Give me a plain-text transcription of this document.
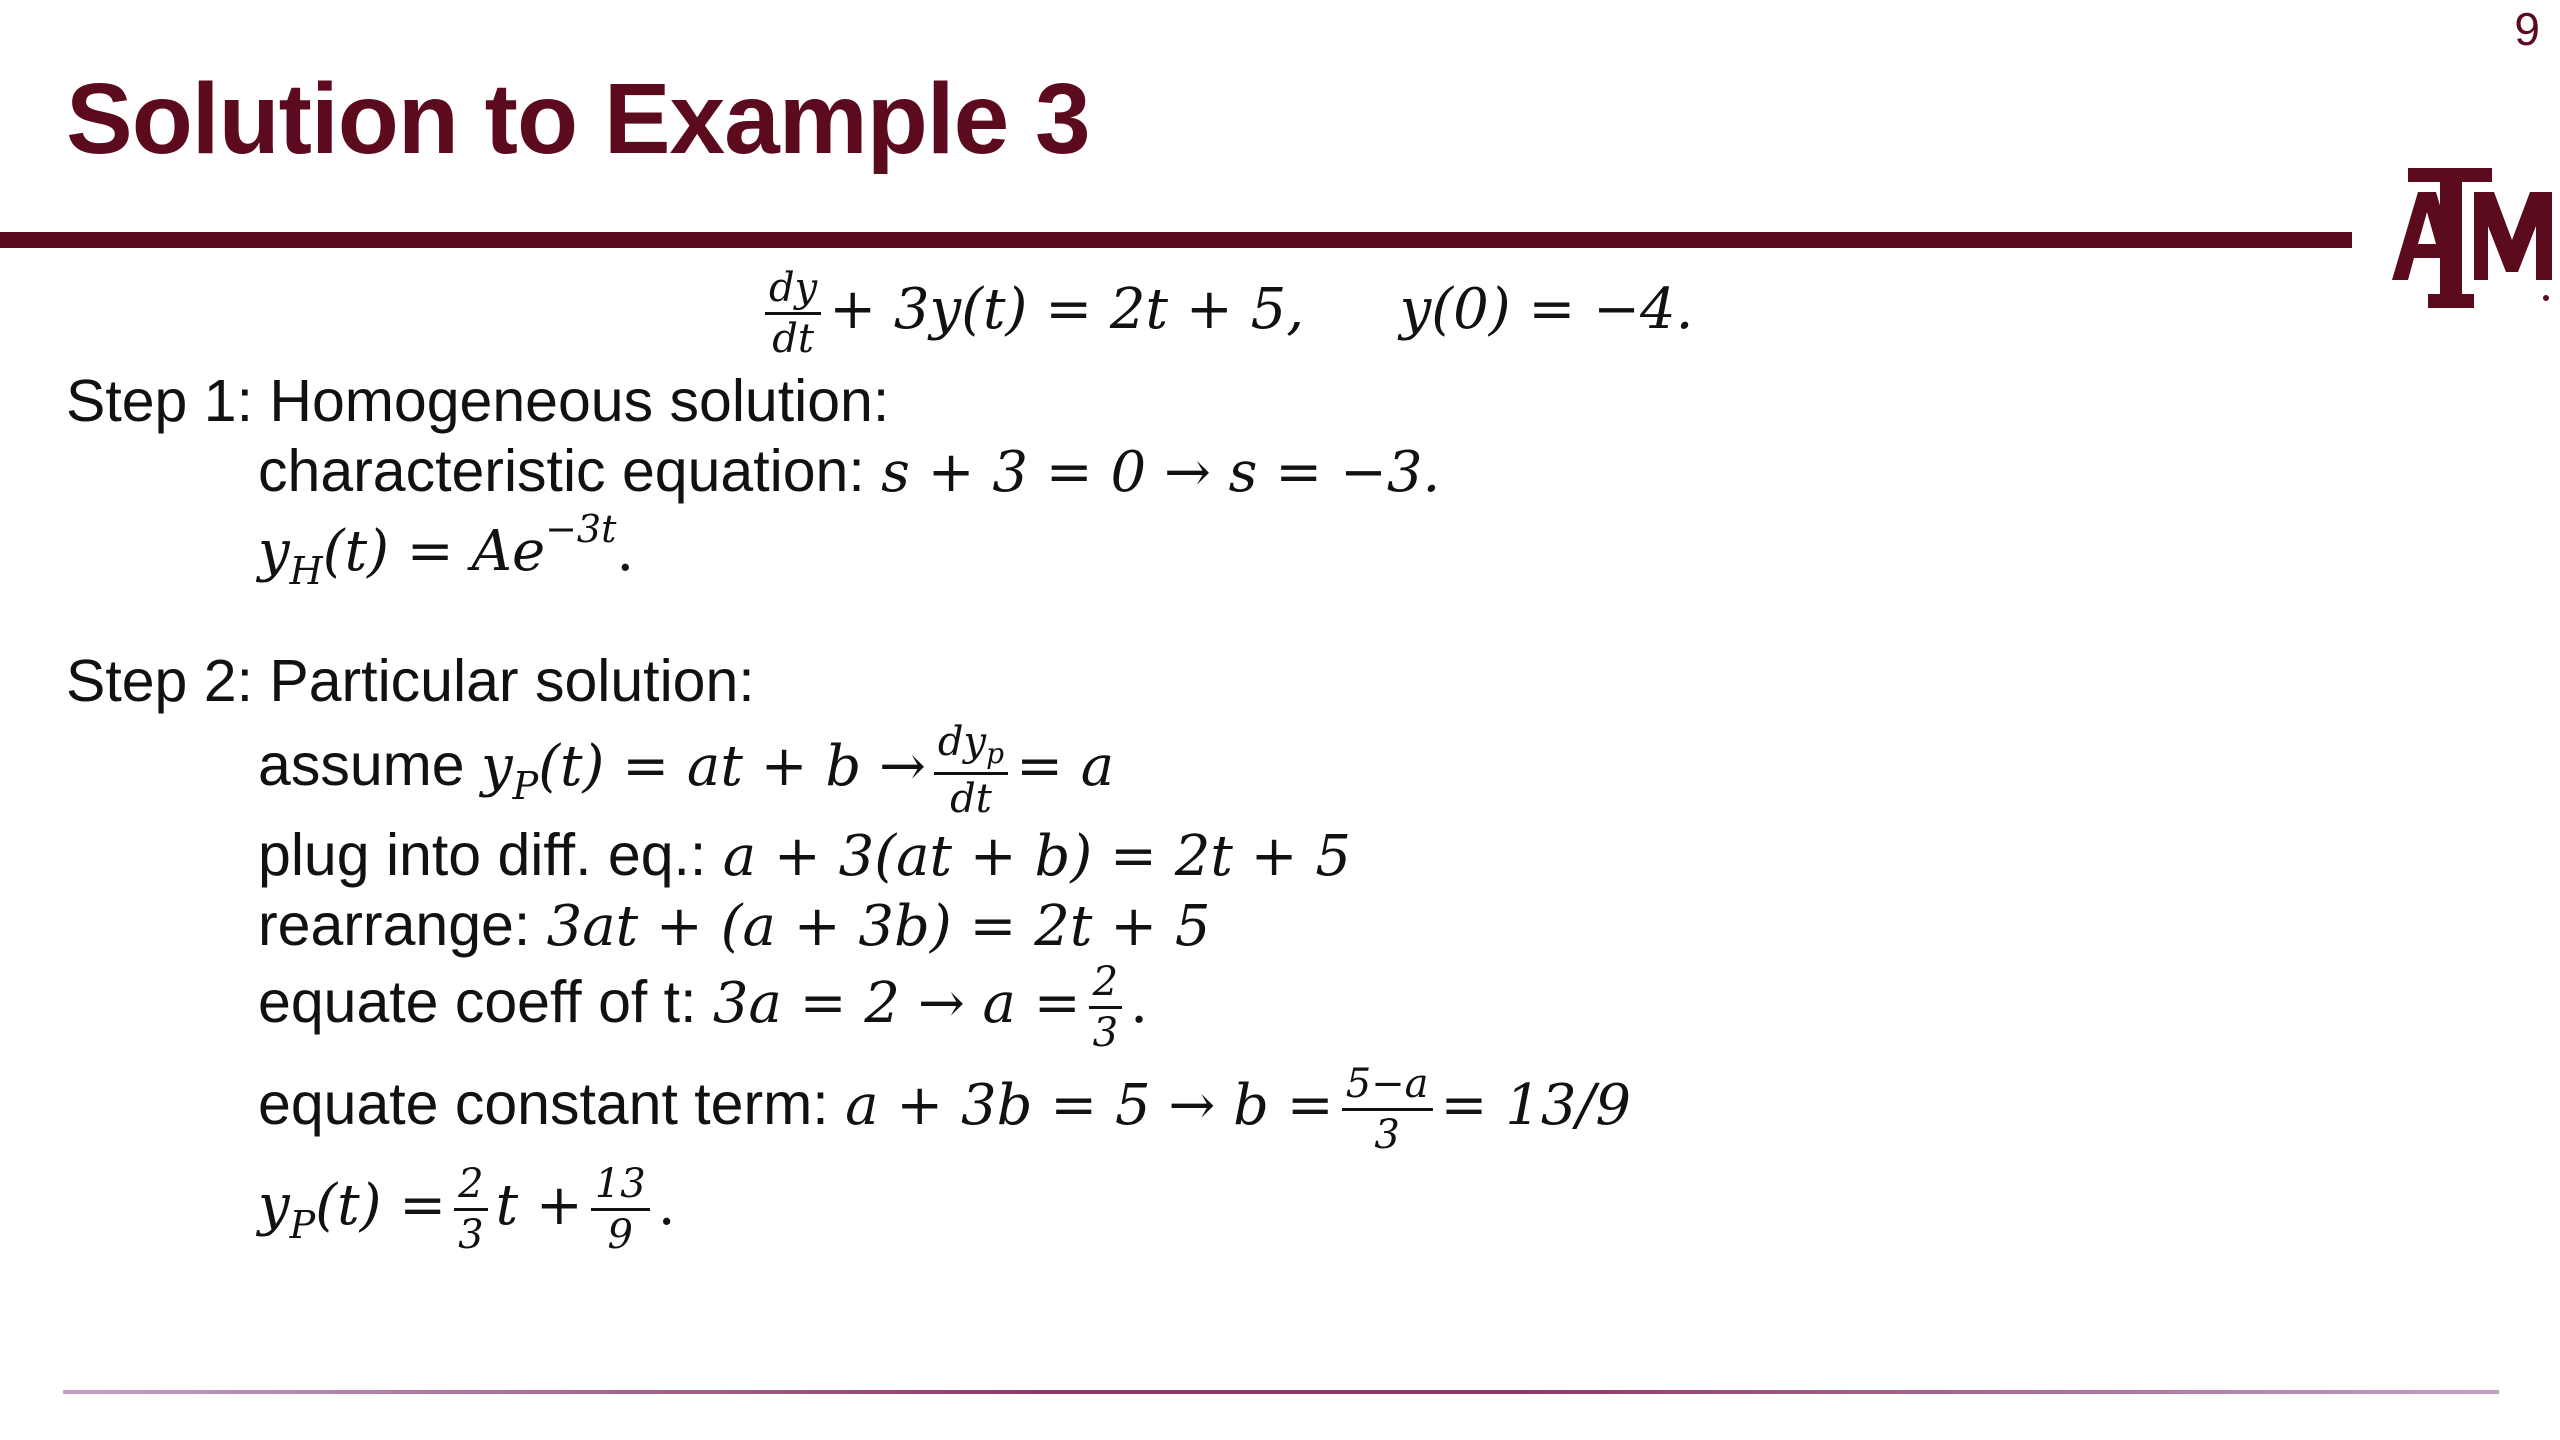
9
Solution to Example 3
$\frac{dy}{dt} + 3y(t) = 2t + 5$, y(0) = −4.
Step 1: Homogeneous solution:
characteristic equation: s + 3 = 0 → s = −3.
$y_H(t) = Ae^{-3t}$.
Step 2: Particular solution:
assume $y_P(t)$ = at + $b \to \frac{dy_p}{dt} = a$
plug into diff. eq.: a + 3(at + b) = 2t + 5
rearrange: 3at + (a + 3b) = 2t + 5
equate coeff of t: $3a = 2 \to a = \frac{2}{3}$ .
equate constant term: $a + 3b = 5 \to b = \frac{5-a}{3} = 13/9$
$y_P(t) = \frac{2}{3}$ $t + \frac{13}{9}$ .
